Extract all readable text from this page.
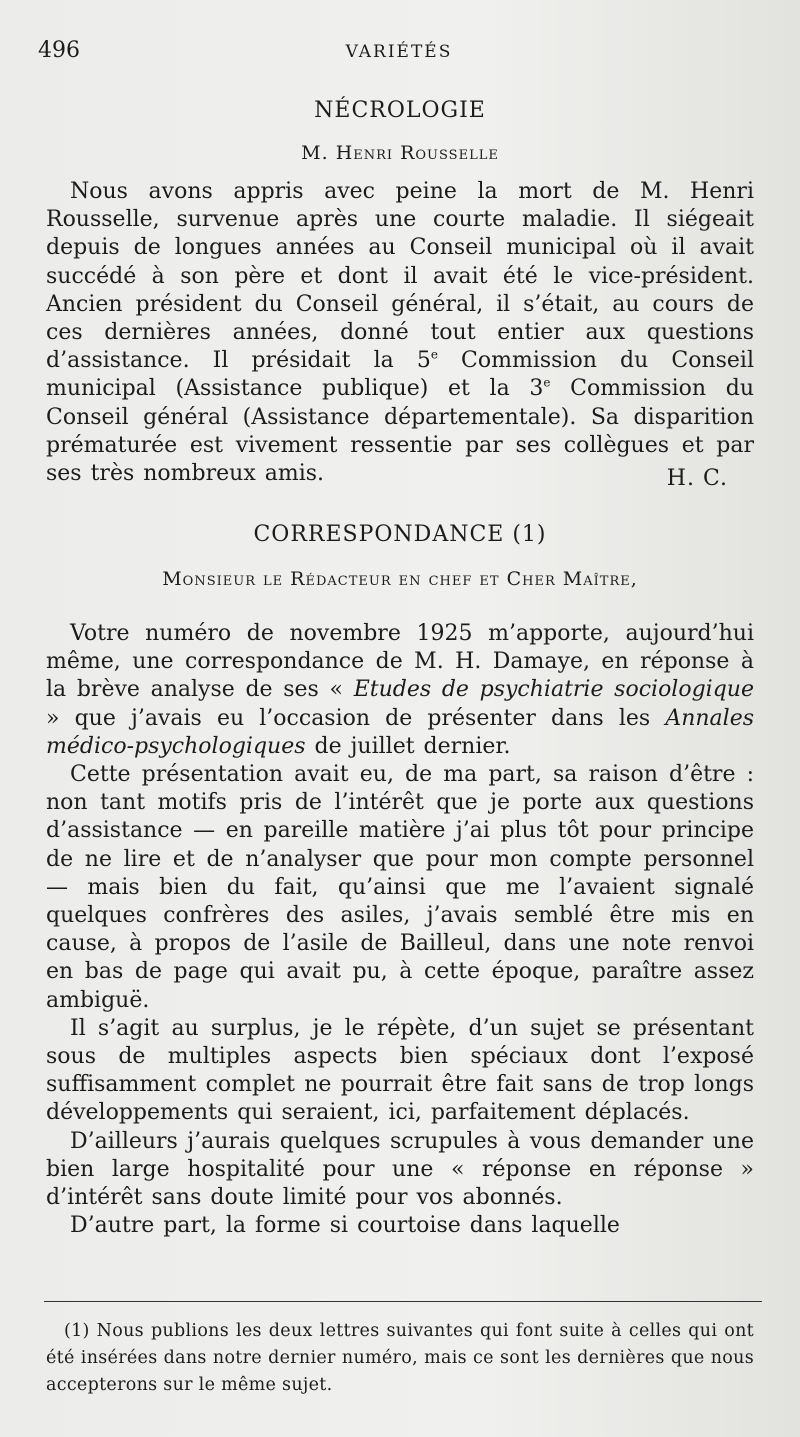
496	VARIÉTÉS
NÉCROLOGIE
M. Henri Rousselle

Nous avons appris avec peine la mort de M. Henri Rousselle, survenue après une courte maladie. Il siégeait depuis de longues années au Conseil municipal où il avait succédé à son père et dont il avait été le vice-président. Ancien président du Conseil général, il s’était, au cours de ces dernières années, donné tout entier aux questions d’assistance. Il présidait la 5e Commission du Conseil municipal (Assistance publique) et la 3e Commission du Conseil général (Assistance départementale). Sa disparition prématurée est vivement ressentie par ses collègues et par ses très nombreux amis.	H. C.
CORRESPONDANCE (1)
Monsieur le Rédacteur en chef et Cher Maître,

Votre numéro de novembre 1925 m’apporte, aujourd’hui même, une correspondance de M. H. Damaye, en réponse à la brève analyse de ses « Etudes de psychiatrie sociologique » que j’avais eu l’occasion de présenter dans les Annales médico-psychologiques de juillet dernier.

Cette présentation avait eu, de ma part, sa raison d’être : non tant motifs pris de l’intérêt que je porte aux questions d’assistance — en pareille matière j’ai plus tôt pour principe de ne lire et de n’analyser que pour mon compte personnel — mais bien du fait, qu’ainsi que me l’avaient signalé quelques confrères des asiles, j’avais semblé être mis en cause, à propos de l’asile de Bailleul, dans une note renvoi en bas de page qui avait pu, à cette époque, paraître assez ambiguë.

Il s’agit au surplus, je le répète, d’un sujet se présentant sous de multiples aspects bien spéciaux dont l’exposé suffisamment complet ne pourrait être fait sans de trop longs développements qui seraient, ici, parfaitement déplacés.

D’ailleurs j’aurais quelques scrupules à vous demander une bien large hospitalité pour une « réponse en réponse » d’intérêt sans doute limité pour vos abonnés.

D’autre part, la forme si courtoise dans laquelle

(1) Nous publions les deux lettres suivantes qui font suite à celles qui ont été insérées dans notre dernier numéro, mais ce sont les dernières que nous accepterons sur le même sujet.
